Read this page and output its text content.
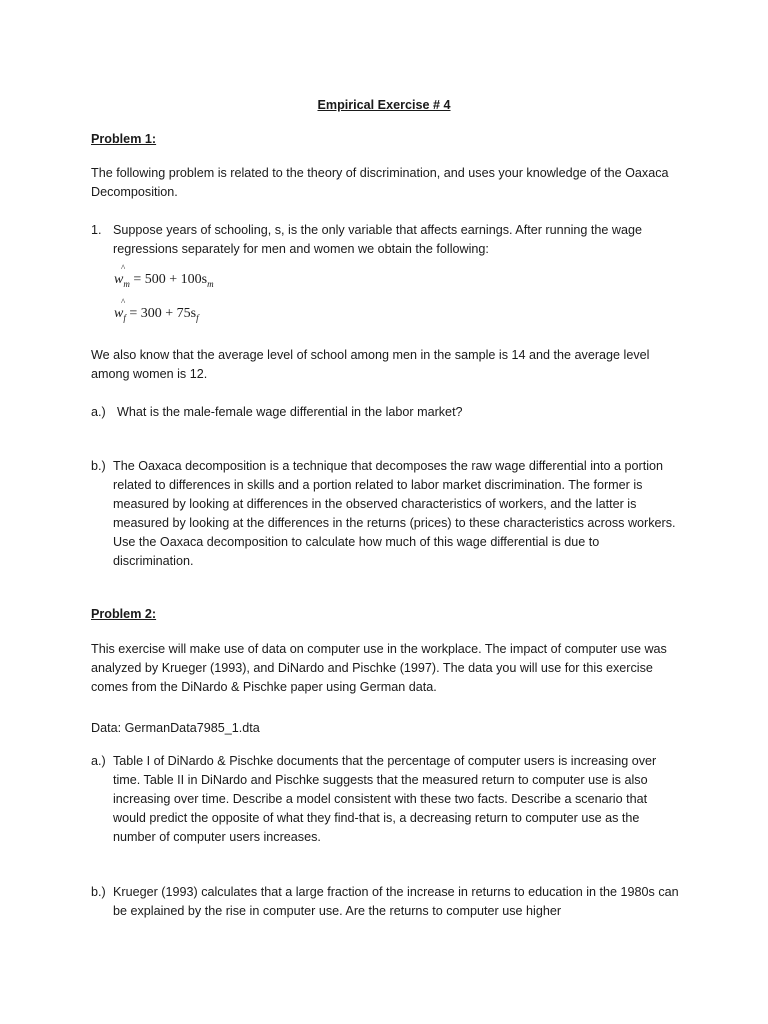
Empirical Exercise # 4

Problem 1:

The following problem is related to the theory of discrimination, and uses your knowledge of the Oaxaca Decomposition.

1. Suppose years of schooling, s, is the only variable that affects earnings. After running the wage regressions separately for men and women we obtain the following:
^
$w_m = 500 + 100s_m$
^
$w_f = 300 + 75s_f$

We also know that the average level of school among men in the sample is 14 and the average level among women is 12.

a.) What is the male-female wage differential in the labor market?
b.) The Oaxaca decomposition is a technique that decomposes the raw wage differential into a portion related to differences in skills and a portion related to labor market discrimination. The former is measured by looking at differences in the observed characteristics of workers, and the latter is measured by looking at the differences in the returns (prices) to these characteristics across workers. Use the Oaxaca decomposition to calculate how much of this wage differential is due to discrimination.

Problem 2:

This exercise will make use of data on computer use in the workplace. The impact of computer use was analyzed by Krueger (1993), and DiNardo and Pischke (1997). The data you will use for this exercise comes from the DiNardo & Pischke paper using German data.

Data: GermanData7985_1.dta

a.) Table I of DiNardo & Pischke documents that the percentage of computer users is increasing over time. Table II in DiNardo and Pischke suggests that the measured return to computer use is also increasing over time. Describe a model consistent with these two facts. Describe a scenario that would predict the opposite of what they find-that is, a decreasing return to computer use as the number of computer users increases.
b.) Krueger (1993) calculates that a large fraction of the increase in returns to education in the 1980s can be explained by the rise in computer use. Are the returns to computer use higher
